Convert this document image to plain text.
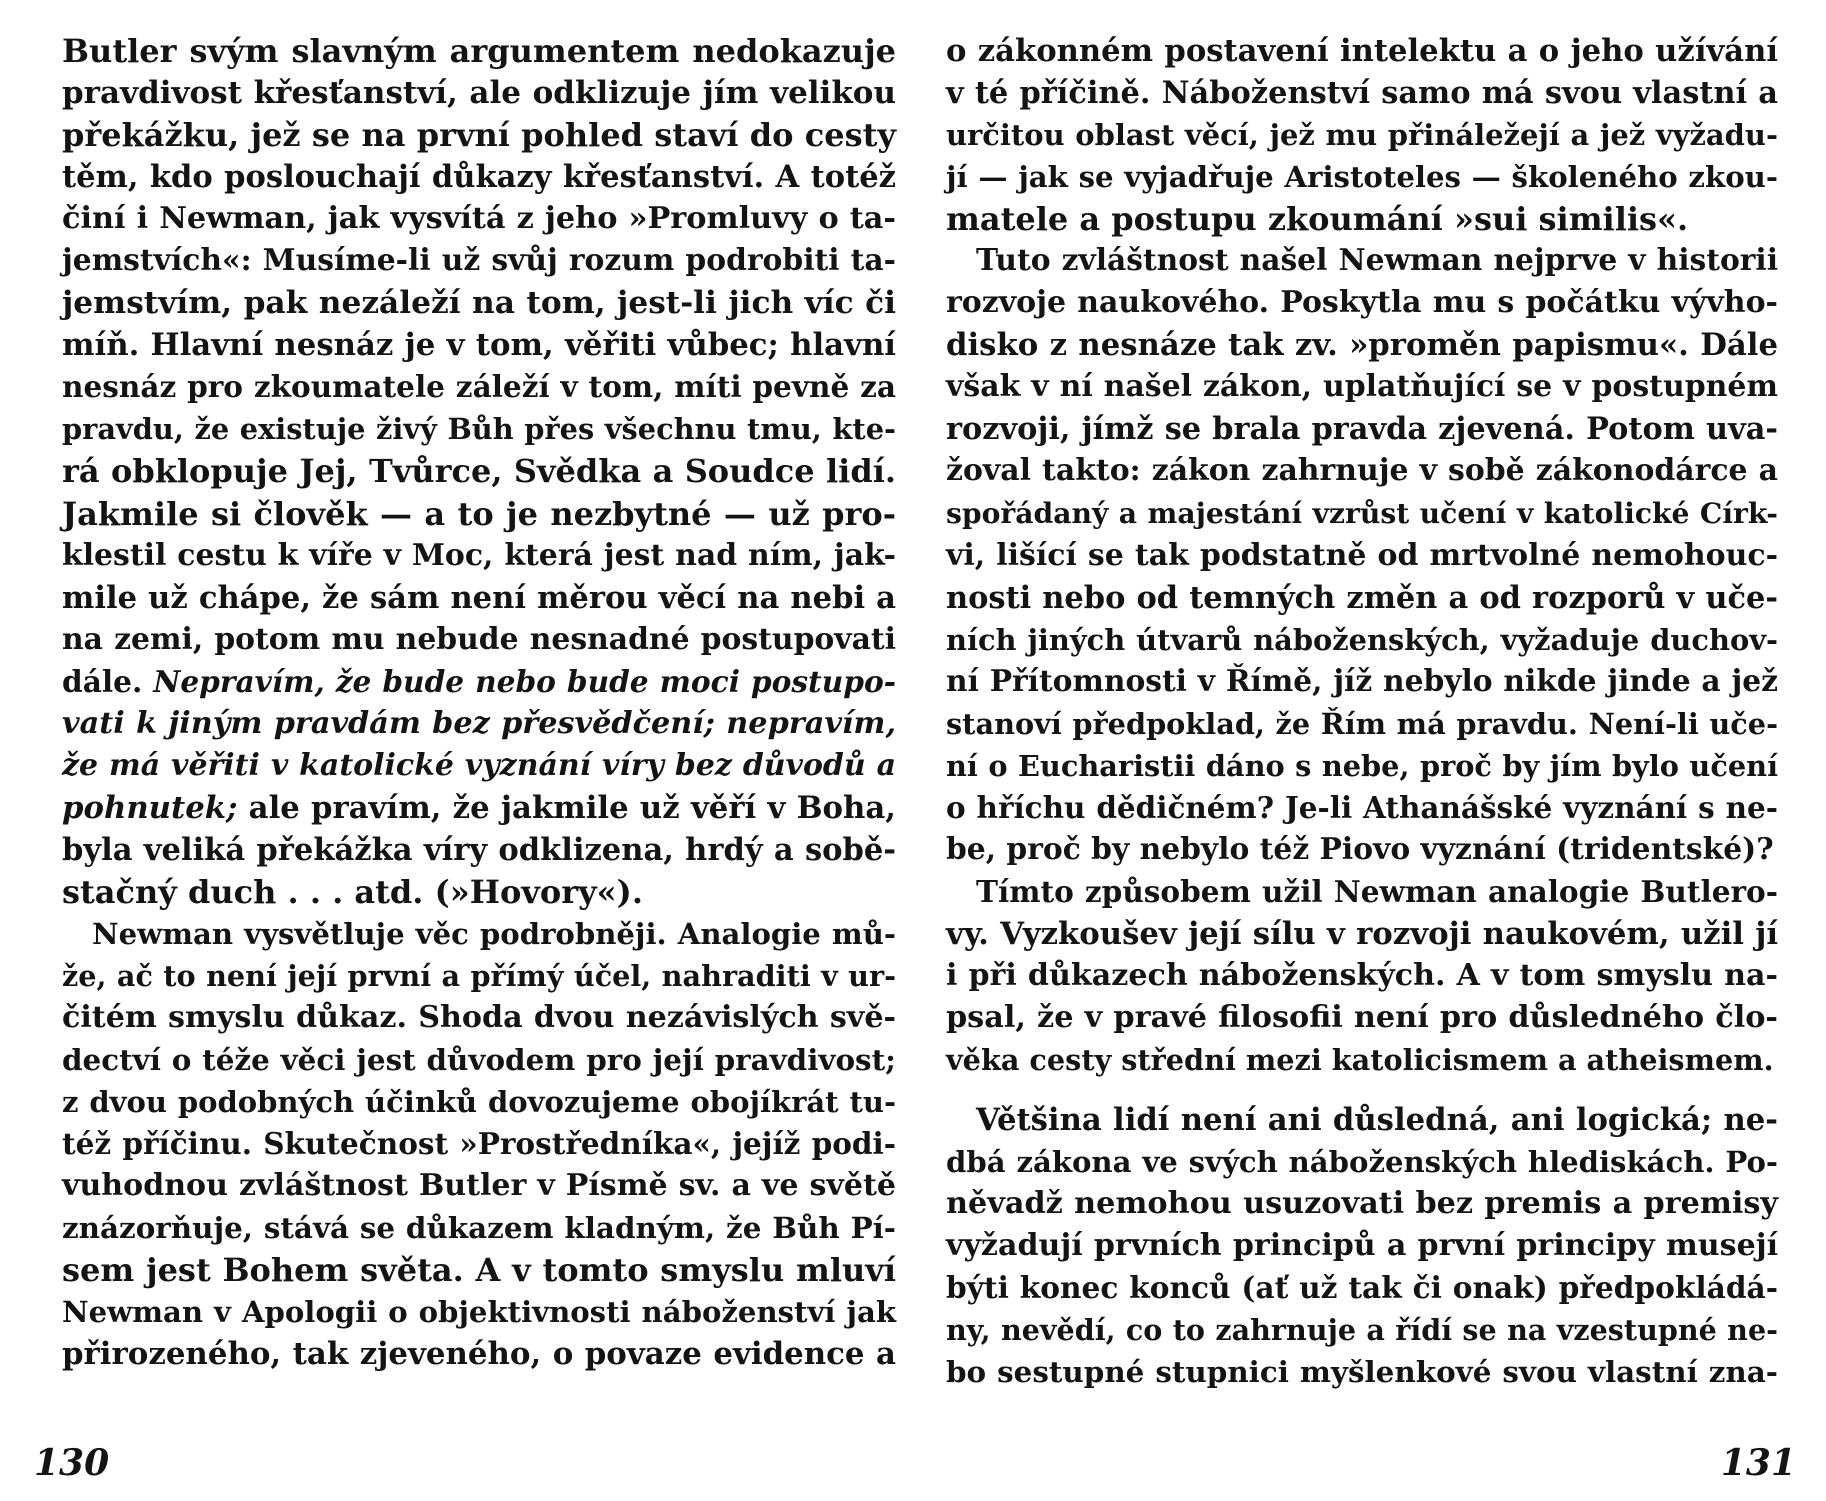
Butler svým slavným argumentem nedokazuje
pravdivost křesťanství, ale odklizuje jím velikou
překážku, jež se na první pohled staví do cesty
těm, kdo poslouchají důkazy křesťanství. A totéž
činí i Newman, jak vysvítá z jeho »Promluvy o ta-
jemstvích«: Musíme-li už svůj rozum podrobiti ta-
jemstvím, pak nezáleží na tom, jest-li jich víc či
míň. Hlavní nesnáz je v tom, věřiti vůbec; hlavní
nesnáz pro zkoumatele záleží v tom, míti pevně za
pravdu, že existuje živý Bůh přes všechnu tmu, kte-
rá obklopuje Jej, Tvůrce, Svědka a Soudce lidí.
Jakmile si člověk — a to je nezbytné — už pro-
klestil cestu k víře v Moc, která jest nad ním, jak-
mile už chápe, že sám není měrou věcí na nebi a
na zemi, potom mu nebude nesnadné postupovati
dále. Nepravím, že bude nebo bude moci postupo-
vati k jiným pravdám bez přesvědčení; nepravím,
že má věřiti v katolické vyznání víry bez důvodů a
pohnutek; ale pravím, že jakmile už věří v Boha,
byla veliká překážka víry odklizena, hrdý a sobě-
stačný duch . . . atd. (»Hovory«).
Newman vysvětluje věc podrobněji. Analogie mů-
že, ač to není její první a přímý účel, nahraditi v ur-
čitém smyslu důkaz. Shoda dvou nezávislých svě-
dectví o téže věci jest důvodem pro její pravdivost;
z dvou podobných účinků dovozujeme obojíkrát tu-
též příčinu. Skutečnost »Prostředníka«, jejíž podi-
vuhodnou zvláštnost Butler v Písmě sv. a ve světě
znázorňuje, stává se důkazem kladným, že Bůh Pí-
sem jest Bohem světa. A v tomto smyslu mluví
Newman v Apologii o objektivnosti náboženství jak
přirozeného, tak zjeveného, o povaze evidence a
130
o zákonném postavení intelektu a o jeho užívání
v té příčině. Náboženství samo má svou vlastní a
určitou oblast věcí, jež mu přináležejí a jež vyžadu-
jí — jak se vyjadřuje Aristoteles — školeného zkou-
matele a postupu zkoumání »sui similis«.
Tuto zvláštnost našel Newman nejprve v historii
rozvoje naukového. Poskytla mu s počátku vývho-
disko z nesnáze tak zv. »proměn papismu«. Dále
však v ní našel zákon, uplatňující se v postupném
rozvoji, jímž se brala pravda zjevená. Potom uva-
žoval takto: zákon zahrnuje v sobě zákonodárce a
spořádaný a majestání vzrůst učení v katolické Círk-
vi, lišící se tak podstatně od mrtvolné nemohouc-
nosti nebo od temných změn a od rozporů v uče-
ních jiných útvarů náboženských, vyžaduje duchov-
ní Přítomnosti v Římě, jíž nebylo nikde jinde a jež
stanoví předpoklad, že Řím má pravdu. Není-li uče-
ní o Eucharistii dáno s nebe, proč by jím bylo učení
o hříchu dědičném? Je-li Athanášské vyznání s ne-
be, proč by nebylo též Piovo vyznání (tridentské)?
Tímto způsobem užil Newman analogie Butlero-
vy. Vyzkoušev její sílu v rozvoji naukovém, užil jí
i při důkazech náboženských. A v tom smyslu na-
psal, že v pravé filosofii není pro důsledného člo-
věka cesty střední mezi katolicismem a atheismem.
Většina lidí není ani důsledná, ani logická; ne-
dbá zákona ve svých náboženských hlediskách. Po-
něvadž nemohou usuzovati bez premis a premisy
vyžadují prvních principů a první principy musejí
býti konec konců (ať už tak či onak) předpokládá-
ny, nevědí, co to zahrnuje a řídí se na vzestupné ne-
bo sestupné stupnici myšlenkové svou vlastní zna-
131
